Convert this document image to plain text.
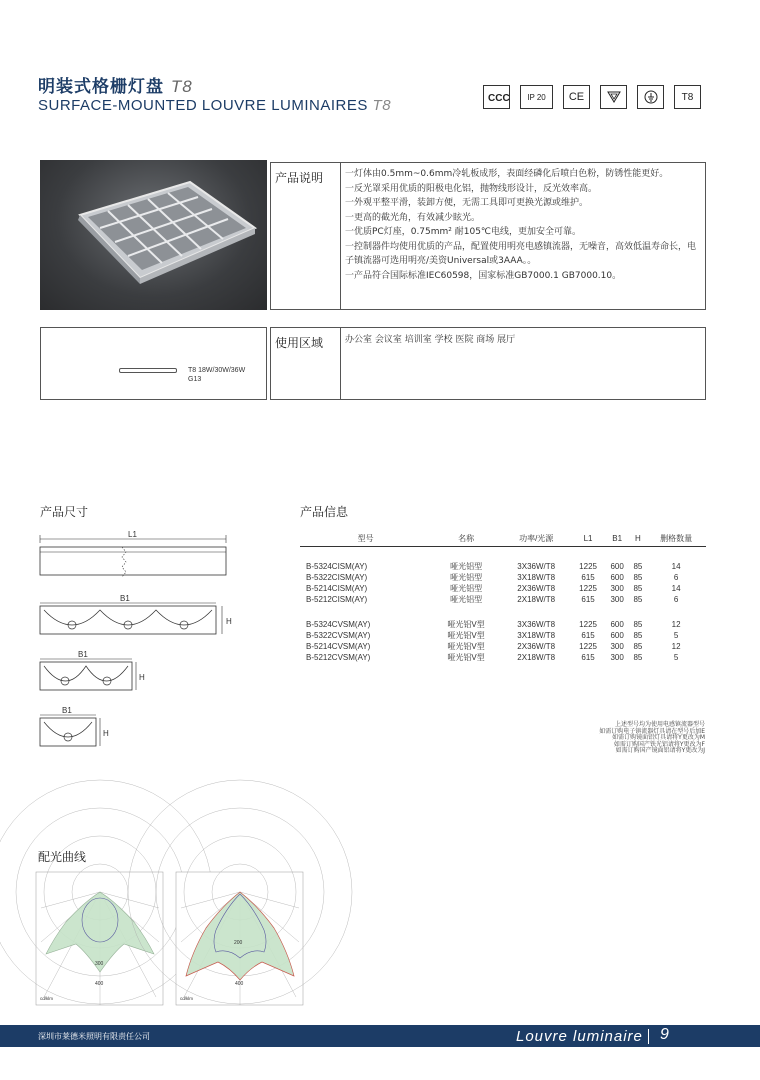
明装式格栅灯盘 T8
SURFACE-MOUNTED LOUVRE LUMINAIRES T8	CCC	IP 20	CE	T8
产品说明	一灯体由0.5mm~0.6mm冷轧板成形，表面经磷化后喷白色粉，防锈性能更好。
一反光罩采用优质的阳极电化铝，抛物线形设计，反光效率高。
一外观平整平滑，装卸方便，无需工具即可更换光源或维护。
一更高的截光角，有效减少眩光。
一优质PC灯座，0.75mm² 耐105℃电线，更加安全可靠。
一控制器件均使用优质的产品，配置使用明亮电感镇流器，无噪音，高效低温寿命长，电子镇流器可选用明亮/美资Universal或3AAA。。
一产品符合国际标准IEC60598，国家标准GB7000.1 GB7000.10。
T8 18W/30W/36W
G13
使用区域	办公室 会议室 培训室 学校 医院 商场 展厅
产品尺寸	产品信息
配光曲线
L1
B1
H
B1
H
B1
H
型号	名称	功率/光源	L1	B1	H	删格数量

B-5324CISM(AY)	哑光铝型	3X36W/T8	1225	600	85	14
B-5322CISM(AY)	哑光铝型	3X18W/T8	615	600	85	6
B-5214CISM(AY)	哑光铝型	2X36W/T8	1225	300	85	14
B-5212CISM(AY)	哑光铝型	2X18W/T8	615	300	85	6

B-5324CVSM(AY)	哑光铝V型	3X36W/T8	1225	600	85	12
B-5322CVSM(AY)	哑光铝V型	3X18W/T8	615	600	85	5
B-5214CVSM(AY)	哑光铝V型	2X36W/T8	1225	300	85	12
B-5212CVSM(AY)	哑光铝V型	2X18W/T8	615	300	85	5
上述型号均为使用电感镇流器型号
如需订购电子镇流器灯具请在型号后加E
如需订购镜面铝灯具请将Y更改为M
如需订购国产铁光铝请将Y更改为F
如需订购国产镜面铝请将Y更改为J
300
400
cd/klm
200
400
cd/klm
深圳市莱德米照明有限责任公司	Louvre luminaire 9
